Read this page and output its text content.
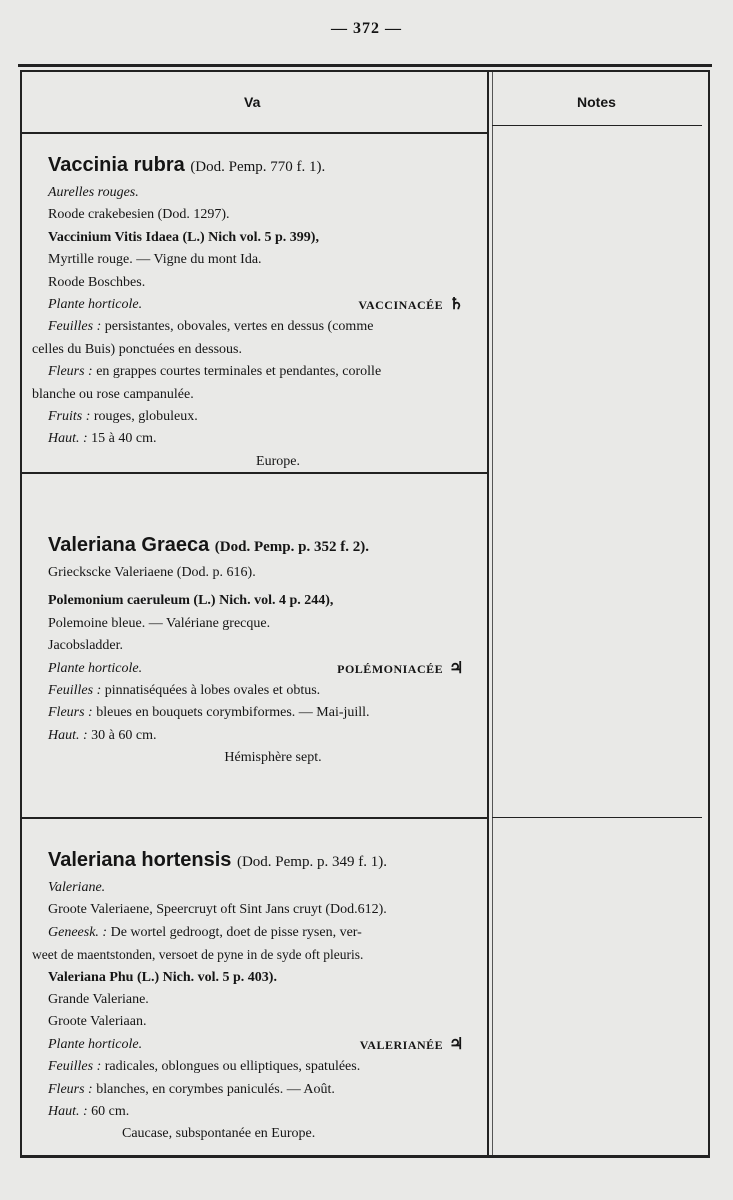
— 372 —
Va	Notes
Vaccinia rubra (Dod. Pemp. 770 f. 1).
Aurelles rouges.
Roode crakebesien (Dod. 1297).
Vaccinium Vitis Idaea (L.) Nich vol. 5 p. 399),
Myrtille rouge. — Vigne du mont Ida.
Roode Boschbes.
Plante horticole.	VACCINACÉE ♄
Feuilles : persistantes, obovales, vertes en dessus (comme
celles du Buis) ponctuées en dessous.
Fleurs : en grappes courtes terminales et pendantes, corolle
blanche ou rose campanulée.
Fruits : rouges, globuleux.
Haut. : 15 à 40 cm.
Europe.
Valeriana Graeca (Dod. Pemp. p. 352 f. 2).
Grieckscke Valeriaene (Dod. p. 616).
Polemonium caeruleum (L.) Nich. vol. 4 p. 244),
Polemoine bleue. — Valériane grecque.
Jacobsladder.
Plante horticole.	POLÉMONIACÉE ♃
Feuilles : pinnatiséquées à lobes ovales et obtus.
Fleurs : bleues en bouquets corymbiformes. — Mai-juill.
Haut. : 30 à 60 cm.
Hémisphère sept.
Valeriana hortensis (Dod. Pemp. p. 349 f. 1).
Valeriane.
Groote Valeriaene, Speercruyt oft Sint Jans cruyt (Dod.612).
Geneesk. : De wortel gedroogt, doet de pisse rysen, ver-
weet de maentstonden, versoet de pyne in de syde oft pleuris.
Valeriana Phu (L.) Nich. vol. 5 p. 403).
Grande Valeriane.
Groote Valeriaan.
Plante horticole.	VALERIANÉE ♃
Feuilles : radicales, oblongues ou elliptiques, spatulées.
Fleurs : blanches, en corymbes paniculés. — Août.
Haut. : 60 cm.
Caucase, subspontanée en Europe.
